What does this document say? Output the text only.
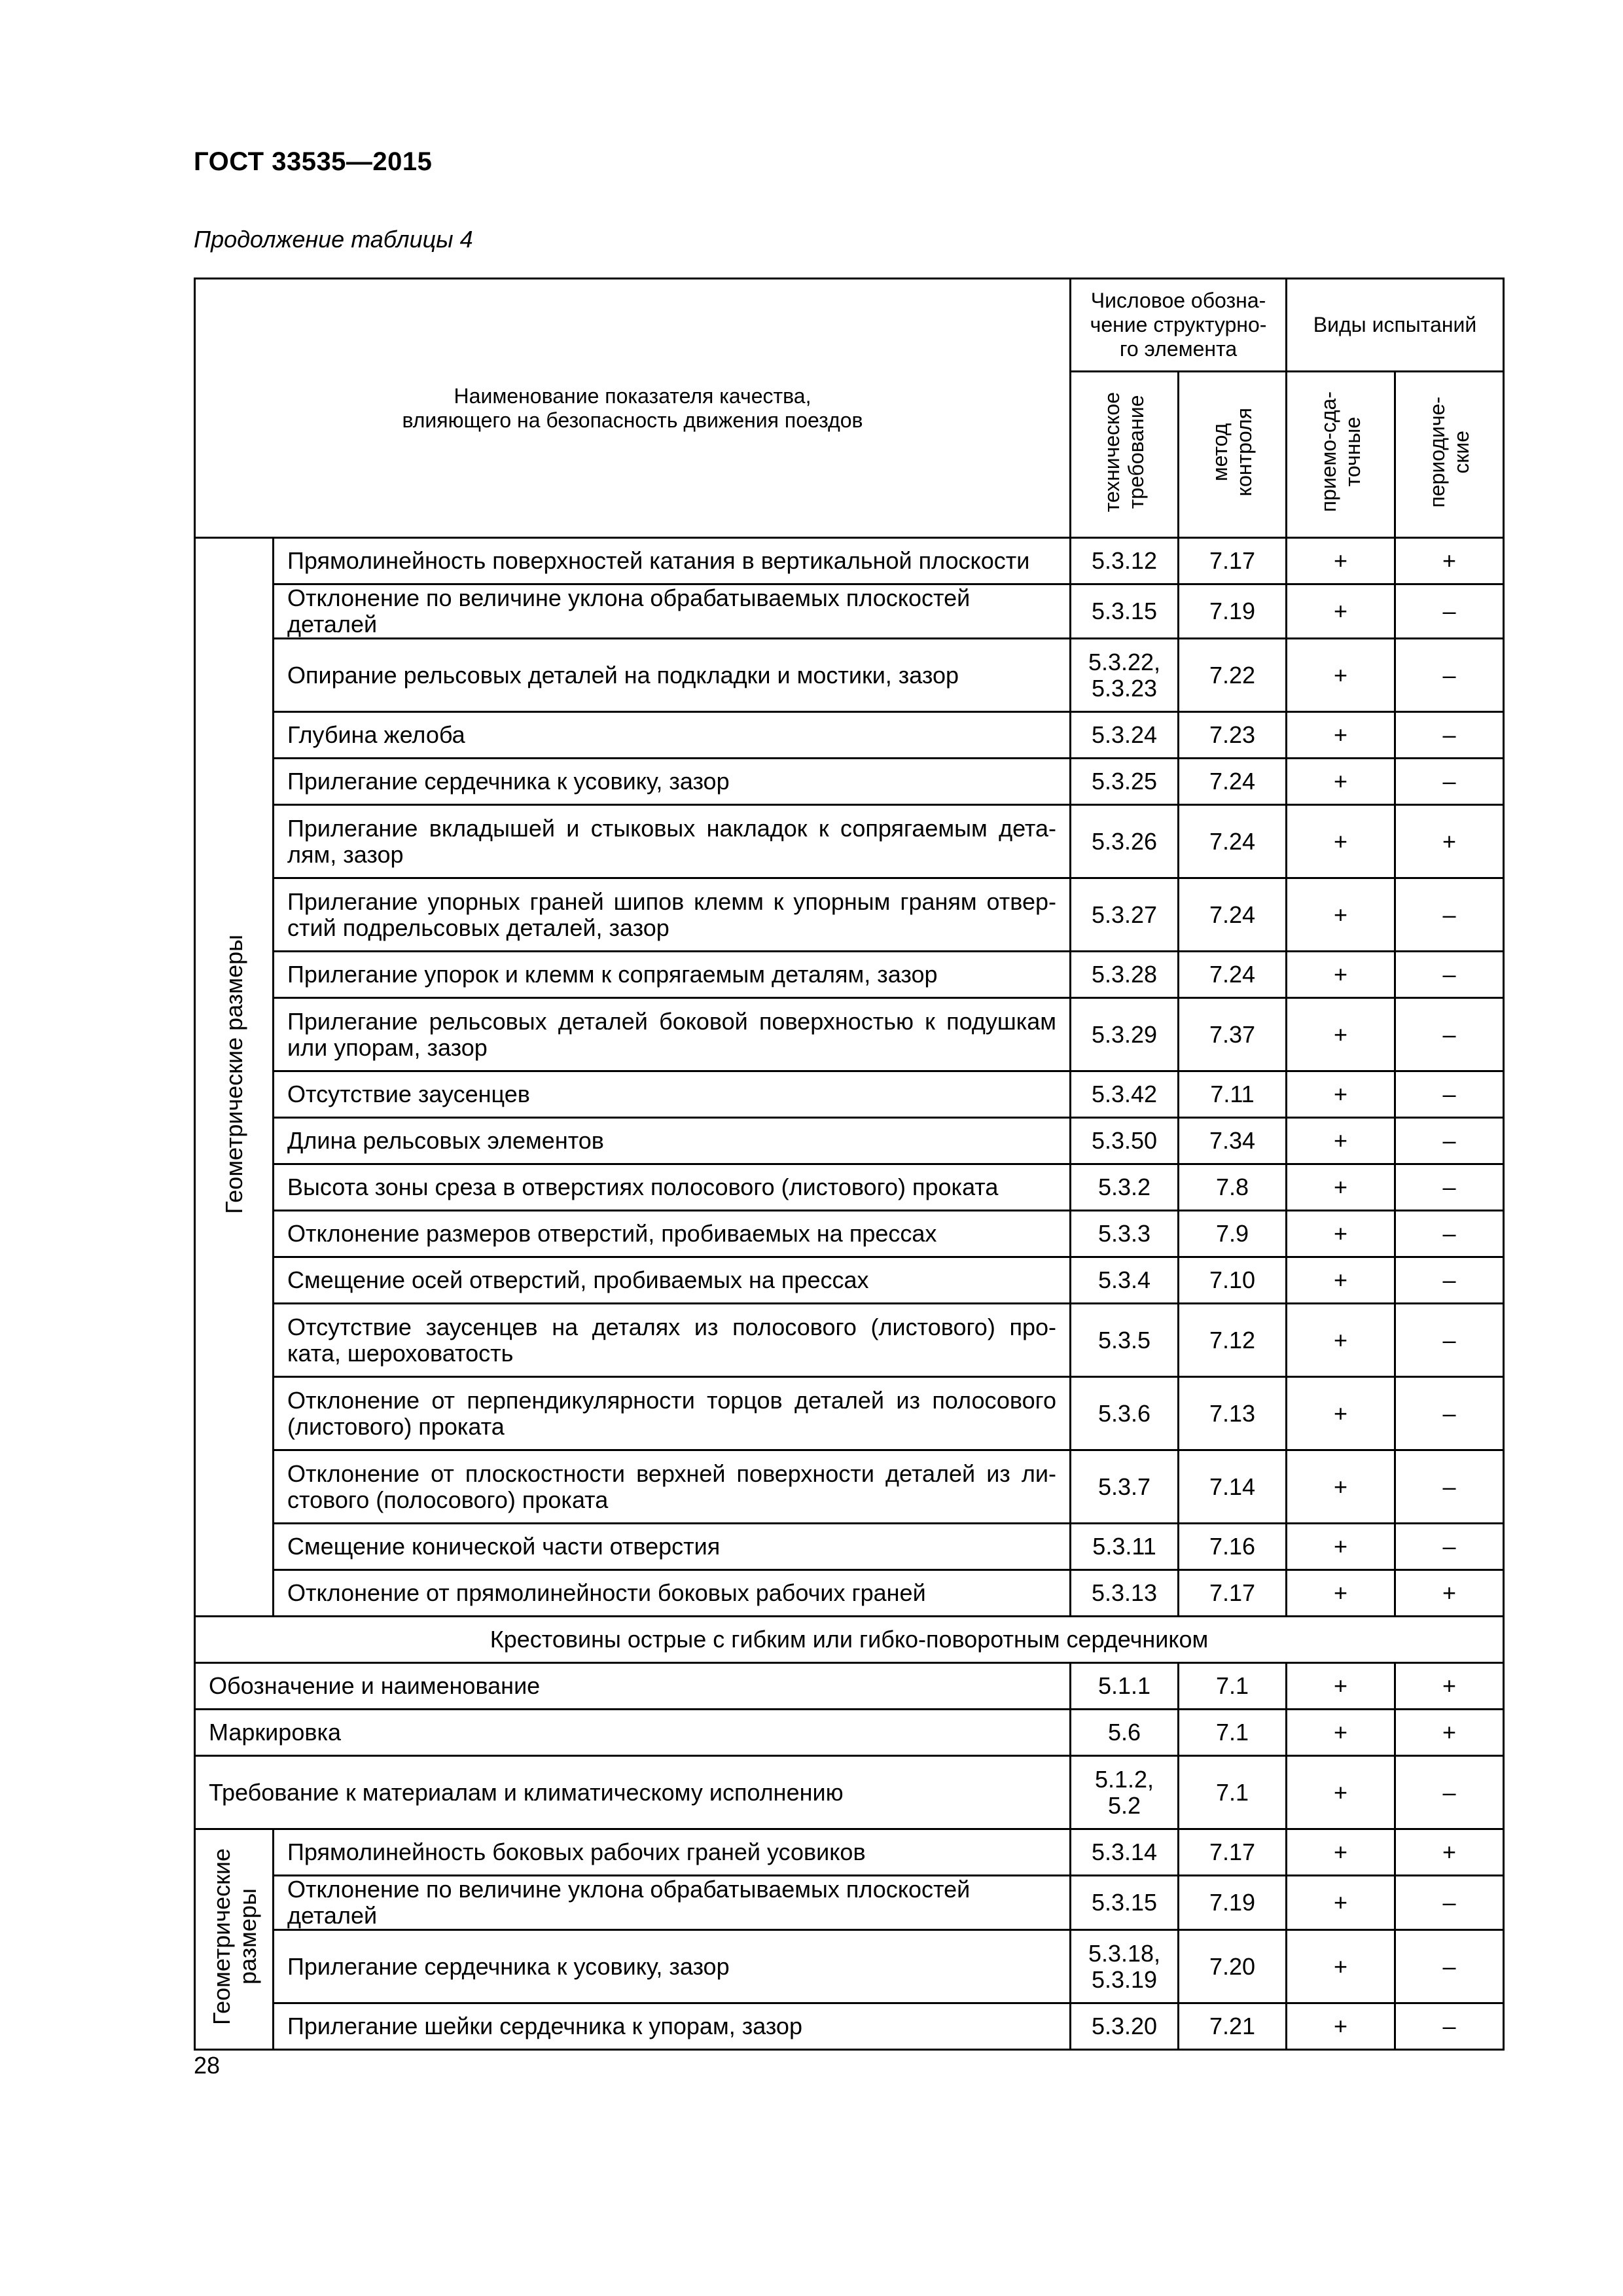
ГОСТ 33535—2015
Продолжение таблицы 4
Наименование показателя качества,
влияющего на безопасность движения поездов		Числовое обозна-
чение структурно-
го элемента		Виды испытаний	

		техническое требование	метод контроля	приемо-сда- точные	периодиче- ские

Геометрические размеры	Прямолинейность поверхностей катания в вертикальной плоскости	5.3.12	7.17	+	+
	Отклонение по величине уклона обрабатываемых плоскостей деталей	5.3.15	7.19	+	–
	Опирание рельсовых деталей на подкладки и мостики, зазор	5.3.22,
5.3.23	7.22	+	–
	Глубина желоба	5.3.24	7.23	+	–
	Прилегание сердечника к усовику, зазор	5.3.25	7.24	+	–
	Прилегание вкладышей и стыковых накладок к сопрягаемым дета-лям, зазор	5.3.26	7.24	+	+
	Прилегание упорных граней шипов клемм к упорным граням отвер-стий подрельсовых деталей, зазор	5.3.27	7.24	+	–
	Прилегание упорок и клемм к сопрягаемым деталям, зазор	5.3.28	7.24	+	–
	Прилегание рельсовых деталей боковой поверхностью к подушкам или упорам, зазор	5.3.29	7.37	+	–
	Отсутствие заусенцев	5.3.42	7.11	+	–
	Длина рельсовых элементов	5.3.50	7.34	+	–
	Высота зоны среза в отверстиях полосового (листового) проката	5.3.2	7.8	+	–
	Отклонение размеров отверстий, пробиваемых на прессах	5.3.3	7.9	+	–
	Смещение осей отверстий, пробиваемых на прессах	5.3.4	7.10	+	–
	Отсутствие заусенцев на деталях из полосового (листового) про-ката, шероховатость	5.3.5	7.12	+	–
	Отклонение от перпендикулярности торцов деталей из полосового (листового) проката	5.3.6	7.13	+	–
	Отклонение от плоскостности верхней поверхности деталей из ли-стового (полосового) проката	5.3.7	7.14	+	–
	Смещение конической части отверстия	5.3.11	7.16	+	–
	Отклонение от прямолинейности боковых рабочих граней	5.3.13	7.17	+	+
Крестовины острые с гибким или гибко-поворотным сердечником					
Обозначение и наименование		5.1.1	7.1	+	+
Маркировка		5.6	7.1	+	+
Требование к материалам и климатическому исполнению		5.1.2,
5.2	7.1	+	–

Геометрические размеры	Прямолинейность боковых рабочих граней усовиков	5.3.14	7.17	+	+
	Отклонение по величине уклона обрабатываемых плоскостей деталей	5.3.15	7.19	+	–
	Прилегание сердечника к усовику, зазор	5.3.18,
5.3.19	7.20	+	–
	Прилегание шейки сердечника к упорам, зазор	5.3.20	7.21	+	–
28
